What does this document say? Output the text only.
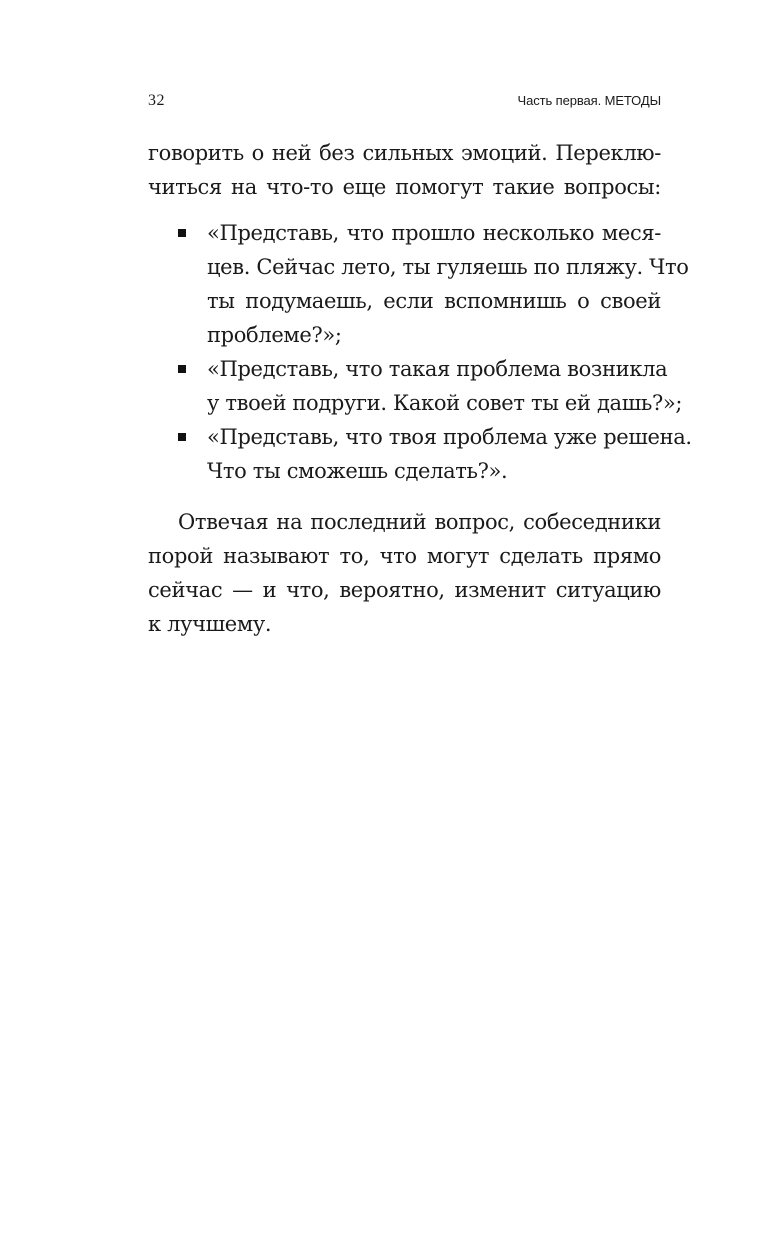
32	Часть первая. МЕТОДЫ

говорить о ней без сильных эмоций. Переклю-
читься на что-то еще помогут такие вопросы:

«Представь, что прошло несколько меся-
цев. Сейчас лето, ты гуляешь по пляжу. Что
ты подумаешь, если вспомнишь о своей
проблеме?»;
«Представь, что такая проблема возникла
у твоей подруги. Какой совет ты ей дашь?»;
«Представь, что твоя проблема уже решена.
Что ты сможешь сделать?».

Отвечая на последний вопрос, собеседники
порой называют то, что могут сделать прямо
сейчас — и что, вероятно, изменит ситуацию
к лучшему.
